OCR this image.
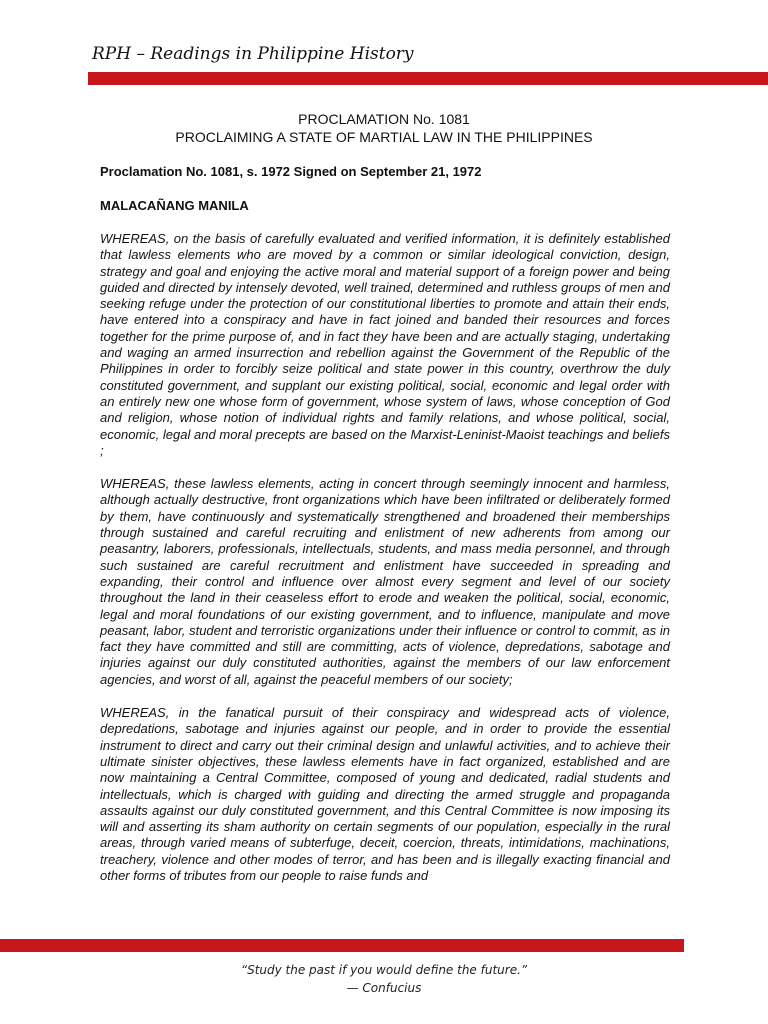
RPH – Readings in Philippine History
PROCLAMATION No. 1081
PROCLAIMING A STATE OF MARTIAL LAW IN THE PHILIPPINES
Proclamation No. 1081, s. 1972 Signed on September 21, 1972
MALACAÑANG MANILA

WHEREAS, on the basis of carefully evaluated and verified information, it is definitely established that lawless elements who are moved by a common or similar ideological conviction, design, strategy and goal and enjoying the active moral and material support of a foreign power and being guided and directed by intensely devoted, well trained, determined and ruthless groups of men and seeking refuge under the protection of our constitutional liberties to promote and attain their ends, have entered into a conspiracy and have in fact joined and banded their resources and forces together for the prime purpose of, and in fact they have been and are actually staging, undertaking and waging an armed insurrection and rebellion against the Government of the Republic of the Philippines in order to forcibly seize political and state power in this country, overthrow the duly constituted government, and supplant our existing political, social, economic and legal order with an entirely new one whose form of government, whose system of laws, whose conception of God and religion, whose notion of individual rights and family relations, and whose political, social, economic, legal and moral precepts are based on the Marxist-Leninist-Maoist teachings and beliefs ;

WHEREAS, these lawless elements, acting in concert through seemingly innocent and harmless, although actually destructive, front organizations which have been infiltrated or deliberately formed by them, have continuously and systematically strengthened and broadened their memberships through sustained and careful recruiting and enlistment of new adherents from among our peasantry, laborers, professionals, intellectuals, students, and mass media personnel, and through such sustained are careful recruitment and enlistment have succeeded in spreading and expanding, their control and influence over almost every segment and level of our society throughout the land in their ceaseless effort to erode and weaken the political, social, economic, legal and moral foundations of our existing government, and to influence, manipulate and move peasant, labor, student and terroristic organizations under their influence or control to commit, as in fact they have committed and still are committing, acts of violence, depredations, sabotage and injuries against our duly constituted authorities, against the members of our law enforcement agencies, and worst of all, against the peaceful members of our society;

WHEREAS, in the fanatical pursuit of their conspiracy and widespread acts of violence, depredations, sabotage and injuries against our people, and in order to provide the essential instrument to direct and carry out their criminal design and unlawful activities, and to achieve their ultimate sinister objectives, these lawless elements have in fact organized, established and are now maintaining a Central Committee, composed of young and dedicated, radial students and intellectuals, which is charged with guiding and directing the armed struggle and propaganda assaults against our duly constituted government, and this Central Committee is now imposing its will and asserting its sham authority on certain segments of our population, especially in the rural areas, through varied means of subterfuge, deceit, coercion, threats, intimidations, machinations, treachery, violence and other modes of terror, and has been and is illegally exacting financial and other forms of tributes from our people to raise funds and

“Study the past if you would define the future.”
— Confucius
